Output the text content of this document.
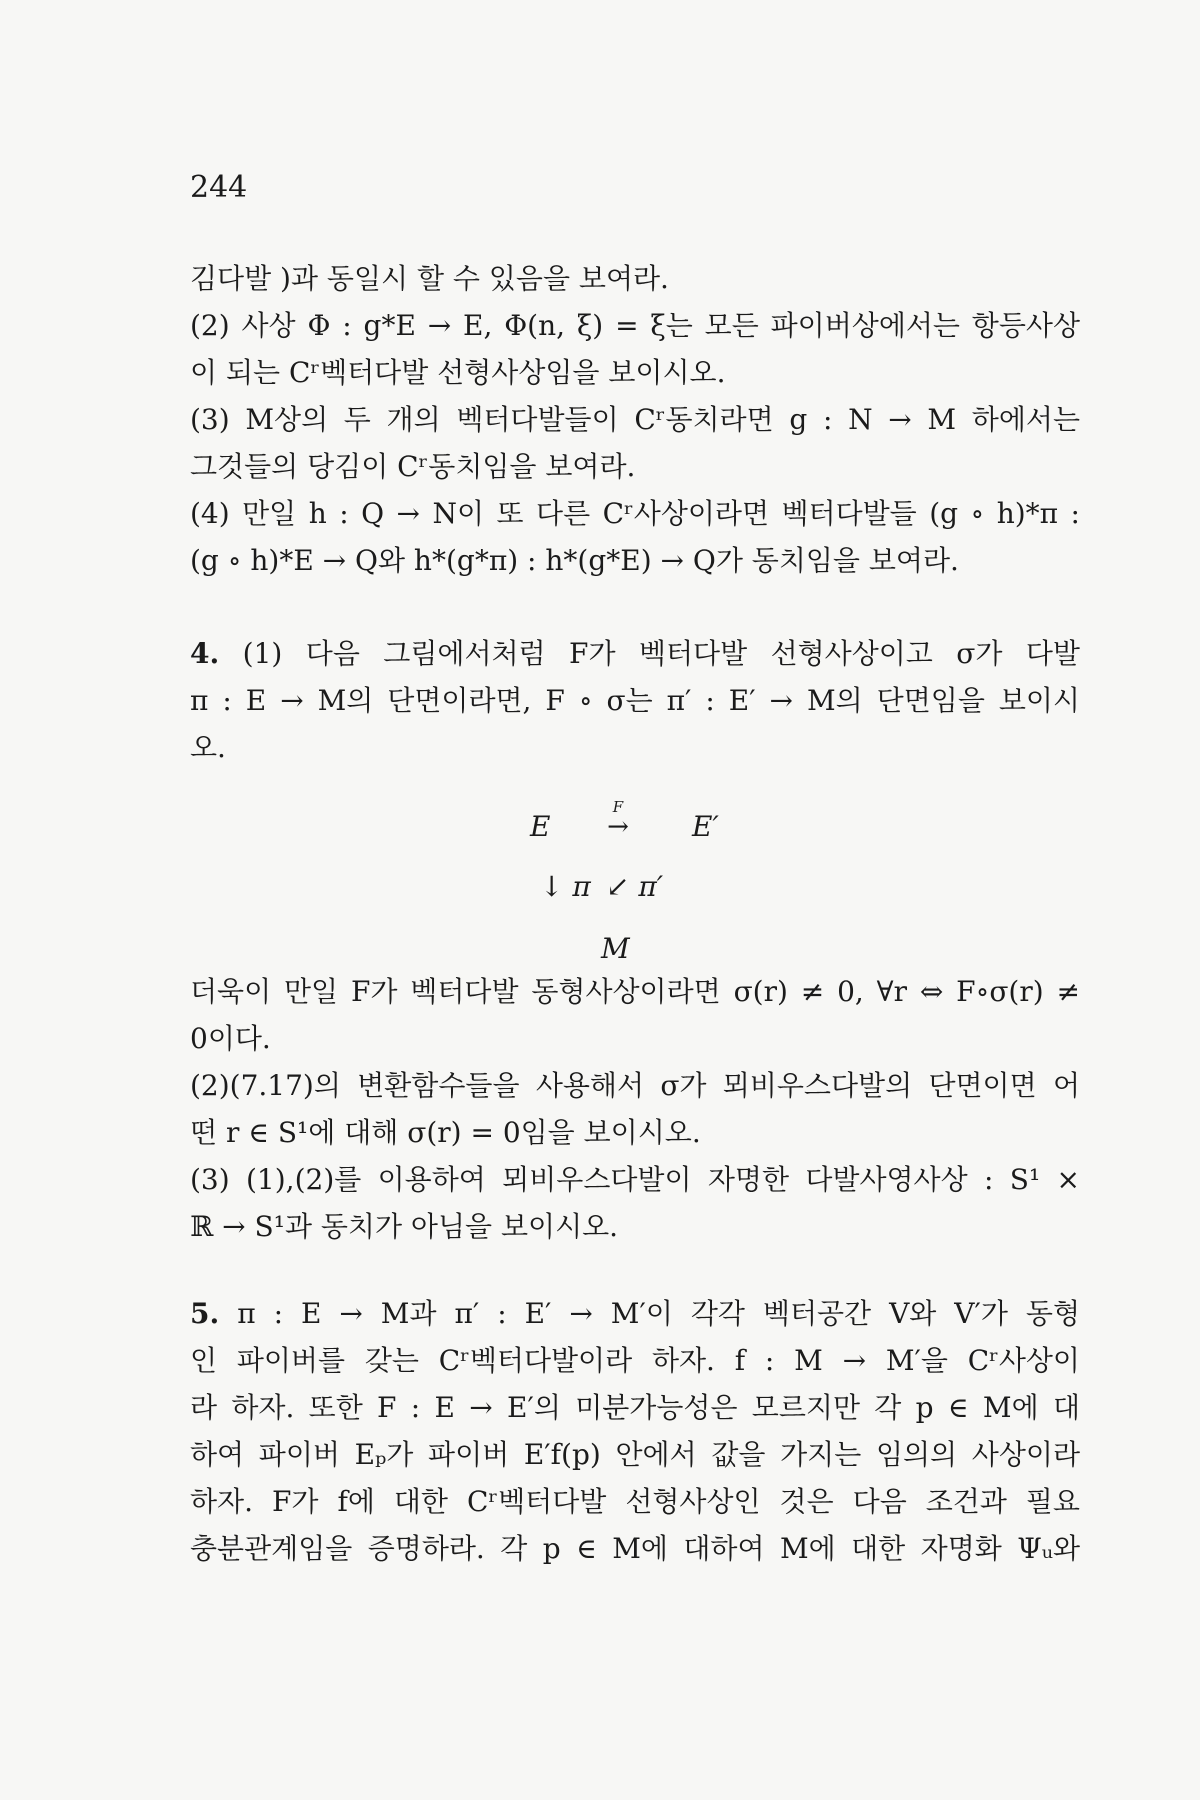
244
김다발 )과 동일시 할 수 있음을 보여라.
(2) 사상 Φ : g*E → E, Φ(n, ξ) = ξ는 모든 파이버상에서는 항등사상
이 되는 Cʳ벡터다발 선형사상임을 보이시오.
(3) M상의 두 개의 벡터다발들이 Cʳ동치라면 g : N → M 하에서는
그것들의 당김이 Cʳ동치임을 보여라.
(4) 만일 h : Q → N이 또 다른 Cʳ사상이라면 벡터다발들 (g ∘ h)*π :
(g ∘ h)*E → Q와 h*(g*π) : h*(g*E) → Q가 동치임을 보여라.
4. (1) 다음 그림에서처럼 F가 벡터다발 선형사상이고 σ가 다발
π : E → M의 단면이라면, F ∘ σ는 π′ : E′ → M의 단면임을 보이시
오.
E
F
→	E′
↓ π ↙ π′
M
더욱이 만일 F가 벡터다발 동형사상이라면 σ(r) ≠ 0, ∀r ⇔ F∘σ(r) ≠
0이다.
(2)(7.17)의 변환함수들을 사용해서 σ가 뫼비우스다발의 단면이면 어
떤 r ∈ S¹에 대해 σ(r) = 0임을 보이시오.
(3) (1),(2)를 이용하여 뫼비우스다발이 자명한 다발사영사상 : S¹ ×
ℝ → S¹과 동치가 아님을 보이시오.
5. π : E → M과 π′ : E′ → M′이 각각 벡터공간 V와 V′가 동형
인 파이버를 갖는 Cʳ벡터다발이라 하자. f : M → M′을 Cʳ사상이
라 하자. 또한 F : E → E′의 미분가능성은 모르지만 각 p ∈ M에 대
하여 파이버 Eₚ가 파이버 E′f(p) 안에서 값을 가지는 임의의 사상이라
하자. F가 f에 대한 Cʳ벡터다발 선형사상인 것은 다음 조건과 필요
충분관계임을 증명하라. 각 p ∈ M에 대하여 M에 대한 자명화 Ψᵤ와
